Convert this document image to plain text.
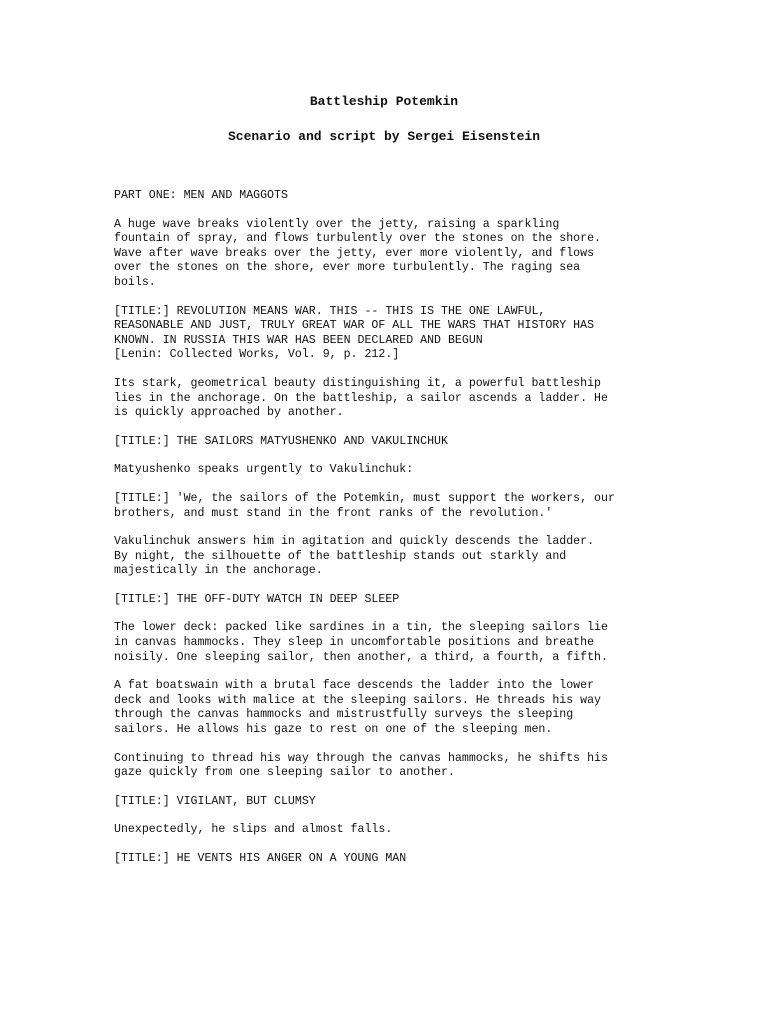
Battleship Potemkin
Scenario and script by Sergei Eisenstein

PART ONE: MEN AND MAGGOTS

A huge wave breaks violently over the jetty, raising a sparkling
fountain of spray, and flows turbulently over the stones on the shore.
Wave after wave breaks over the jetty, ever more violently, and flows
over the stones on the shore, ever more turbulently. The raging sea
boils.

[TITLE:] REVOLUTION MEANS WAR. THIS -- THIS IS THE ONE LAWFUL,
REASONABLE AND JUST, TRULY GREAT WAR OF ALL THE WARS THAT HISTORY HAS
KNOWN. IN RUSSIA THIS WAR HAS BEEN DECLARED AND BEGUN
[Lenin: Collected Works, Vol. 9, p. 212.]

Its stark, geometrical beauty distinguishing it, a powerful battleship
lies in the anchorage. On the battleship, a sailor ascends a ladder. He
is quickly approached by another.

[TITLE:] THE SAILORS MATYUSHENKO AND VAKULINCHUK

Matyushenko speaks urgently to Vakulinchuk:

[TITLE:] 'We, the sailors of the Potemkin, must support the workers, our
brothers, and must stand in the front ranks of the revolution.'

Vakulinchuk answers him in agitation and quickly descends the ladder.
By night, the silhouette of the battleship stands out starkly and
majestically in the anchorage.

[TITLE:] THE OFF-DUTY WATCH IN DEEP SLEEP

The lower deck: packed like sardines in a tin, the sleeping sailors lie
in canvas hammocks. They sleep in uncomfortable positions and breathe
noisily. One sleeping sailor, then another, a third, a fourth, a fifth.

A fat boatswain with a brutal face descends the ladder into the lower
deck and looks with malice at the sleeping sailors. He threads his way
through the canvas hammocks and mistrustfully surveys the sleeping
sailors. He allows his gaze to rest on one of the sleeping men.

Continuing to thread his way through the canvas hammocks, he shifts his
gaze quickly from one sleeping sailor to another.

[TITLE:] VIGILANT, BUT CLUMSY

Unexpectedly, he slips and almost falls.

[TITLE:] HE VENTS HIS ANGER ON A YOUNG MAN
